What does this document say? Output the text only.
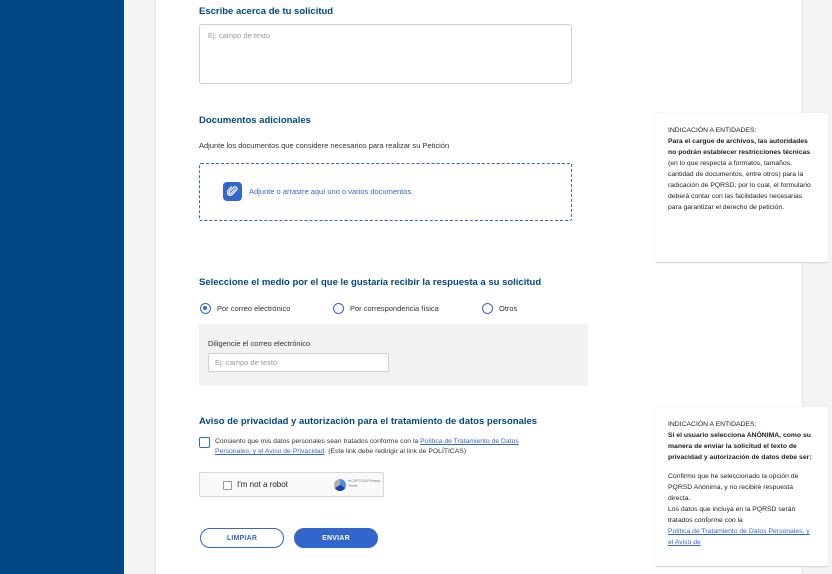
Escribe acerca de tu solicitud
Ej: campo de texto
Documentos adicionales
Adjunte los documentos que considere necesarios para realizar su Petición
Adjunte o arrastre aquí uno o varios documentos.
Seleccione el medio por el que le gustaría recibir la respuesta a su solicitud
Por correo electrónico	Por correspondencia física	Otros
Diligencie el correo electrónico
Ej: campo de texto
Aviso de privacidad y autorización para el tratamiento de datos personales
Consiento que mis datos personales sean tratados conforme con la Política de Tratamiento de Datos Personales, y el Aviso de Privacidad. (Este link debe redirigir al link de POLÍTICAS)
I'm not a robot	reCAPTCHA Privacy - Terms
LIMPIAR	ENVIAR
INDICACIÓN A ENTIDADES:
Para el cargue de archivos, las autoridades no podrán establecer restricciones técnicas (en lo que respecta a formatos, tamaños, cantidad de documentos, entre otros) para la radicación de PQRSD, por lo cual, el formulario deberá contar con las facilidades necesarias para garantizar el derecho de petición.
INDICACIÓN A ENTIDADES:
Si el usuario selecciona ANÓNIMA, como su manera de enviar la solicitud el texto de privacidad y autorización de datos debe ser:
Confirmo que he seleccionado la opción de PQRSD Anónima, y no recibiré respuesta directa.
Los datos que incluya en la PQRSD serán tratados conforme con la
Política de Tratamiento de Datos Personales, y el Aviso de
